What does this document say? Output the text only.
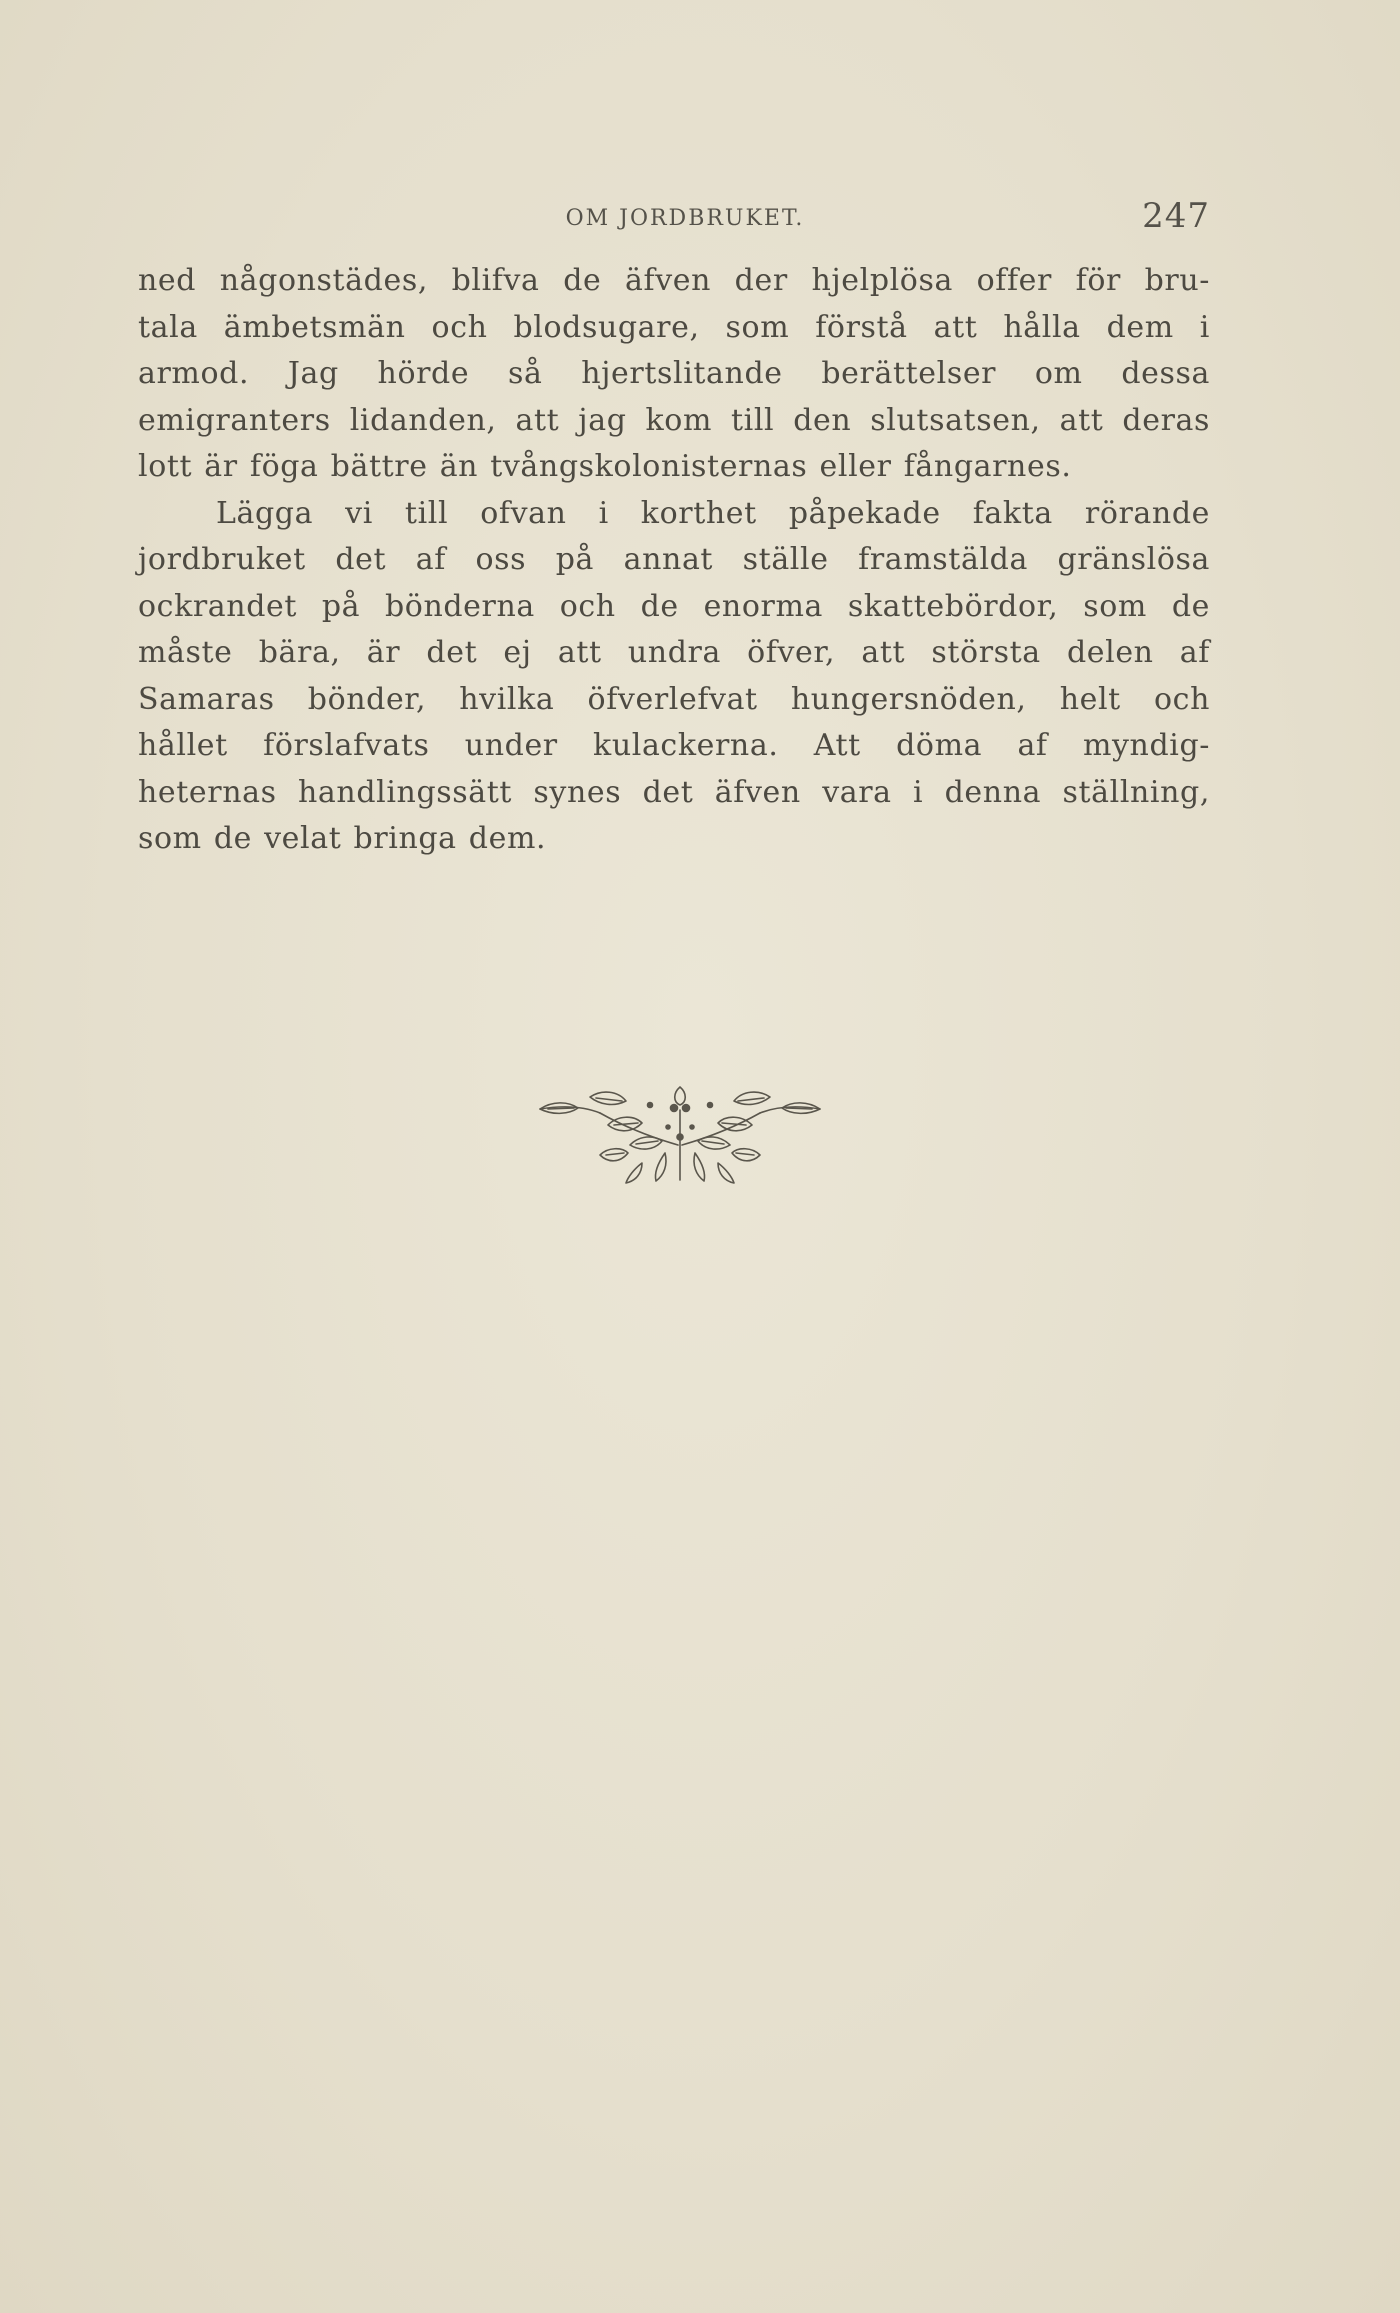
OM JORDBRUKET.	247
ned någonstädes, blifva de äfven der hjelplösa offer för bru-
tala ämbetsmän och blodsugare, som förstå att hålla dem i
armod. Jag hörde så hjertslitande berättelser om dessa
emigranters lidanden, att jag kom till den slutsatsen, att deras
lott är föga bättre än tvångskolonisternas eller fångarnes.
Lägga vi till ofvan i korthet påpekade fakta rörande
jordbruket det af oss på annat ställe framstälda gränslösa
ockrandet på bönderna och de enorma skattebördor, som de
måste bära, är det ej att undra öfver, att största delen af
Samaras bönder, hvilka öfverlefvat hungersnöden, helt och
hållet förslafvats under kulackerna. Att döma af myndig-
heternas handlingssätt synes det äfven vara i denna ställning,
som de velat bringa dem.
